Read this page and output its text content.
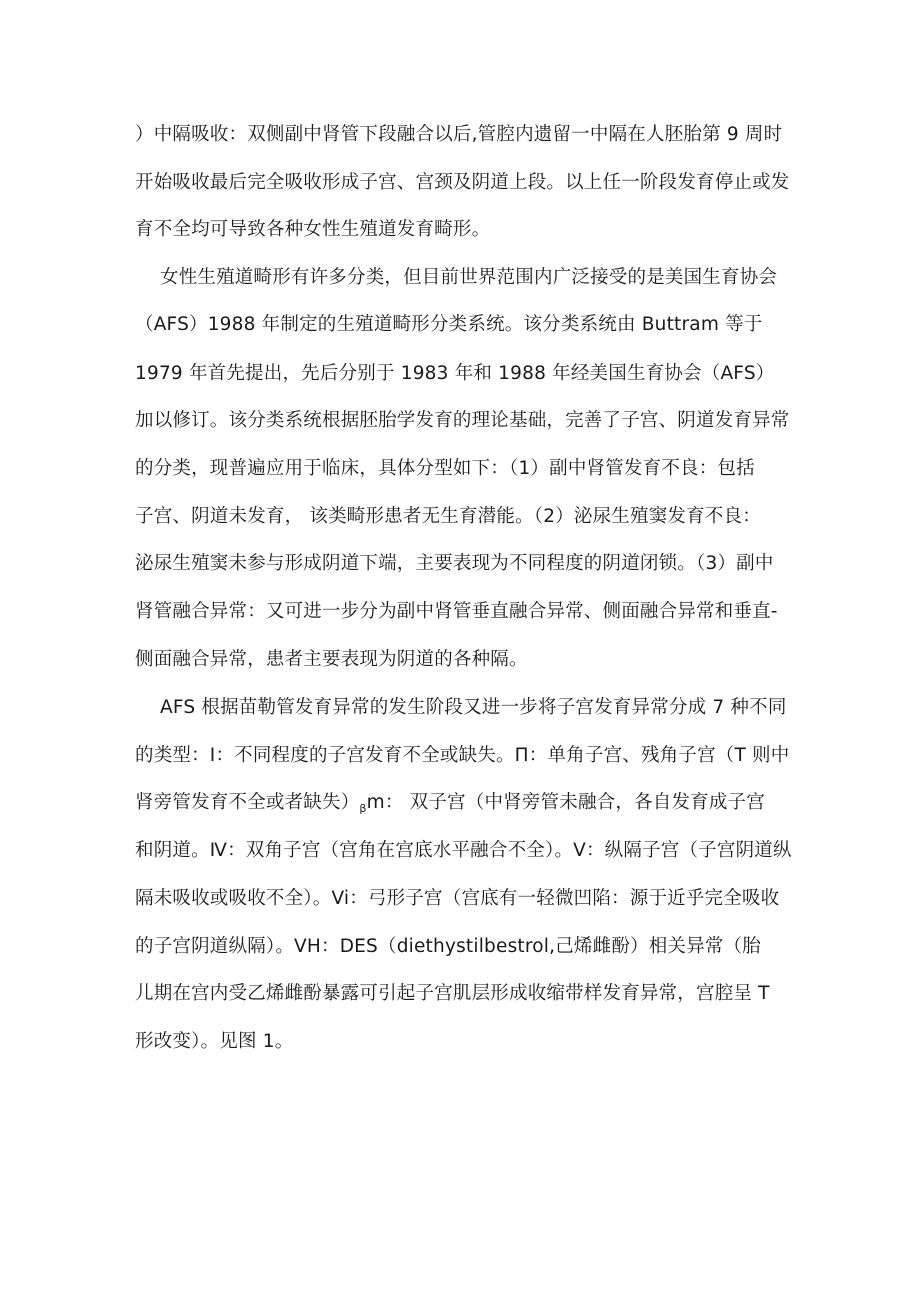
）中隔吸收：双侧副中肾管下段融合以后,管腔内遗留一中隔在人胚胎第 9 周时

开始吸收最后完全吸收形成子宫、宫颈及阴道上段。以上任一阶段发育停止或发

育不全均可导致各种女性生殖道发育畸形。

女性生殖道畸形有许多分类，但目前世界范围内广泛接受的是美国生育协会

（AFS）1988 年制定的生殖道畸形分类系统。该分类系统由 Buttram 等于

1979 年首先提出，先后分别于 1983 年和 1988 年经美国生育协会（AFS）

加以修订。该分类系统根据胚胎学发育的理论基础，完善了子宫、阴道发育异常

的分类，现普遍应用于临床，具体分型如下：（1）副中肾管发育不良：包括

子宫、阴道未发育， 该类畸形患者无生育潜能。（2）泌尿生殖窦发育不良：

泌尿生殖窦未参与形成阴道下端，主要表现为不同程度的阴道闭锁。（3）副中

肾管融合异常：又可进一步分为副中肾管垂直融合异常、侧面融合异常和垂直-

侧面融合异常，患者主要表现为阴道的各种隔。

AFS 根据苗勒管发育异常的发生阶段又进一步将子宫发育异常分成 7 种不同

的类型：I：不同程度的子宫发育不全或缺失。Π：单角子宫、残角子宫（T 则中

肾旁管发育不全或者缺失）$_\beta m$： 双子宫（中肾旁管未融合，各自发育成子宫

和阴道。Ⅳ：双角子宫（宫角在宫底水平融合不全）。V：纵隔子宫（子宫阴道纵

隔未吸收或吸收不全）。Vi：弓形子宫（宫底有一轻微凹陷：源于近乎完全吸收

的子宫阴道纵隔）。VH：DES（diethystilbestrol,己烯雌酚）相关异常（胎

儿期在宫内受乙烯雌酚暴露可引起子宫肌层形成收缩带样发育异常，宫腔呈 T

形改变）。见图 1。
